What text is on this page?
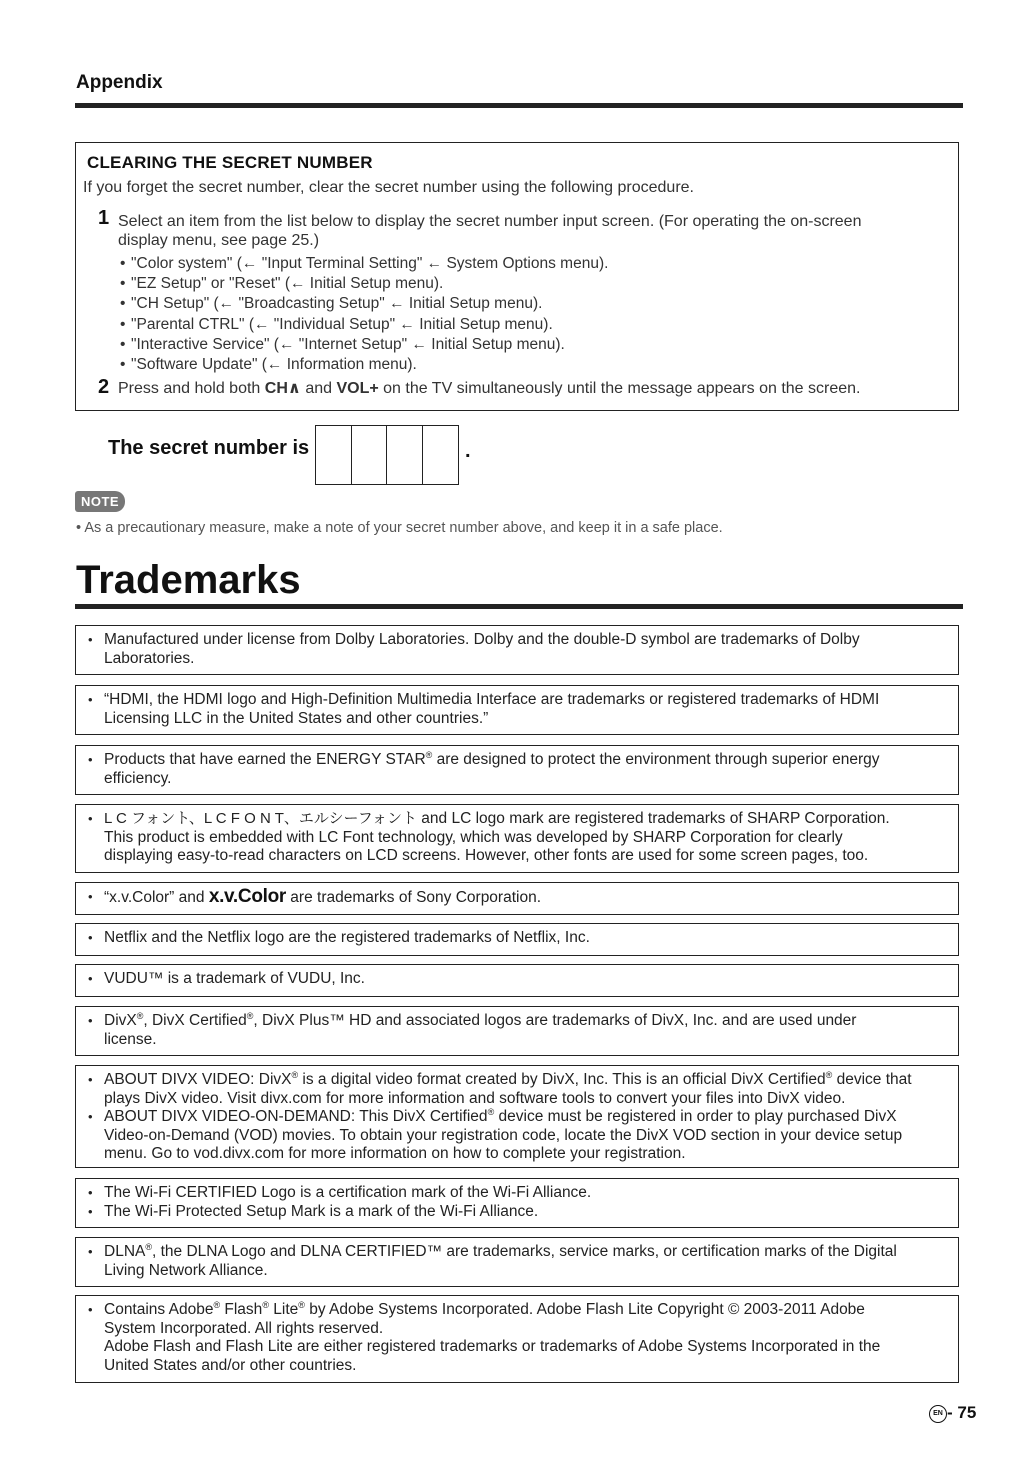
Appendix
CLEARING THE SECRET NUMBER
If you forget the secret number, clear the secret number using the following procedure.
1 Select an item from the list below to display the secret number input screen. (For operating the on-screen
display menu, see page 25.)
• "Color system" (← "Input Terminal Setting" ← System Options menu).
• "EZ Setup" or "Reset" (← Initial Setup menu).
• "CH Setup" (← "Broadcasting Setup" ← Initial Setup menu).
• "Parental CTRL" (← "Individual Setup" ← Initial Setup menu).
• "Interactive Service" (← "Internet Setup" ← Initial Setup menu).
• "Software Update" (← Information menu).
2 Press and hold both CH∧ and VOL+ on the TV simultaneously until the message appears on the screen.
The secret number is	.
NOTE
• As a precautionary measure, make a note of your secret number above, and keep it in a safe place.
Trademarks
• Manufactured under license from Dolby Laboratories. Dolby and the double-D symbol are trademarks of Dolby
Laboratories.
• “HDMI, the HDMI logo and High-Definition Multimedia Interface are trademarks or registered trademarks of HDMI
Licensing LLC in the United States and other countries.”
• Products that have earned the ENERGY STAR® are designed to protect the environment through superior energy
efficiency.
• L C フォント、L C F O N T、エルシーフォント and LC logo mark are registered trademarks of SHARP Corporation.
This product is embedded with LC Font technology, which was developed by SHARP Corporation for clearly
displaying easy-to-read characters on LCD screens. However, other fonts are used for some screen pages, too.
• “x.v.Color” and x.v.Color are trademarks of Sony Corporation.
• Netflix and the Netflix logo are the registered trademarks of Netflix, Inc.
• VUDU™ is a trademark of VUDU, Inc.
• DivX®, DivX Certified®, DivX Plus™ HD and associated logos are trademarks of DivX, Inc. and are used under
license.
• ABOUT DIVX VIDEO: DivX® is a digital video format created by DivX, Inc. This is an official DivX Certified® device that
plays DivX video. Visit divx.com for more information and software tools to convert your files into DivX video.
• ABOUT DIVX VIDEO-ON-DEMAND: This DivX Certified® device must be registered in order to play purchased DivX
Video-on-Demand (VOD) movies. To obtain your registration code, locate the DivX VOD section in your device setup
menu. Go to vod.divx.com for more information on how to complete your registration.
• The Wi-Fi CERTIFIED Logo is a certification mark of the Wi-Fi Alliance.
• The Wi-Fi Protected Setup Mark is a mark of the Wi-Fi Alliance.
• DLNA®, the DLNA Logo and DLNA CERTIFIED™ are trademarks, service marks, or certification marks of the Digital
Living Network Alliance.
• Contains Adobe® Flash® Lite® by Adobe Systems Incorporated. Adobe Flash Lite Copyright © 2003-2011 Adobe
System Incorporated. All rights reserved.
Adobe Flash and Flash Lite are either registered trademarks or trademarks of Adobe Systems Incorporated in the
United States and/or other countries.
EN - 75
